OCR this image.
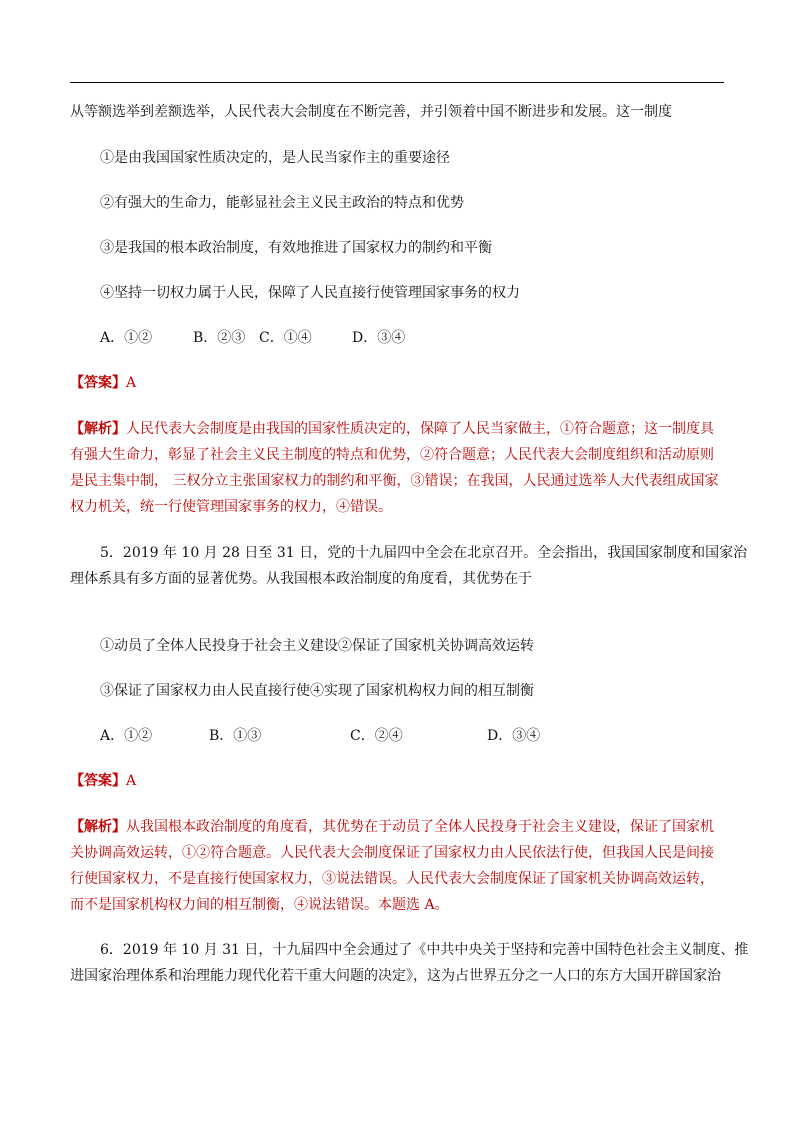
从等额选举到差额选举，人民代表大会制度在不断完善，并引领着中国不断进步和发展。这一制度
①是由我国国家性质决定的，是人民当家作主的重要途径
②有强大的生命力，能彰显社会主义民主政治的特点和优势
③是我国的根本政治制度，有效地推进了国家权力的制约和平衡
④坚持一切权力属于人民，保障了人民直接行使管理国家事务的权力
A．①②	B．②③ C．①④	D．③④
【答案】A
【解析】人民代表大会制度是由我国的国家性质决定的，保障了人民当家做主，①符合题意；这一制度具
有强大生命力，彰显了社会主义民主制度的特点和优势，②符合题意；人民代表大会制度组织和活动原则
是民主集中制， 三权分立主张国家权力的制约和平衡，③错误；在我国，人民通过选举人大代表组成国家
权力机关，统一行使管理国家事务的权力，④错误。
5．2019 年 10 月 28 日至 31 日，党的十九届四中全会在北京召开。全会指出，我国国家制度和国家治
理体系具有多方面的显著优势。从我国根本政治制度的角度看，其优势在于
①动员了全体人民投身于社会主义建设②保证了国家机关协调高效运转
③保证了国家权力由人民直接行使④实现了国家机构权力间的相互制衡
A．①②	B．①③	C．②④	D．③④
【答案】A
【解析】从我国根本政治制度的角度看，其优势在于动员了全体人民投身于社会主义建设，保证了国家机
关协调高效运转，①②符合题意。人民代表大会制度保证了国家权力由人民依法行使，但我国人民是间接
行使国家权力，不是直接行使国家权力，③说法错误。人民代表大会制度保证了国家机关协调高效运转，
而不是国家机构权力间的相互制衡，④说法错误。本题选 A。
6．2019 年 10 月 31 日，十九届四中全会通过了《中共中央关于坚持和完善中国特色社会主义制度、推
进国家治理体系和治理能力现代化若干重大问题的决定》，这为占世界五分之一人口的东方大国开辟国家治
